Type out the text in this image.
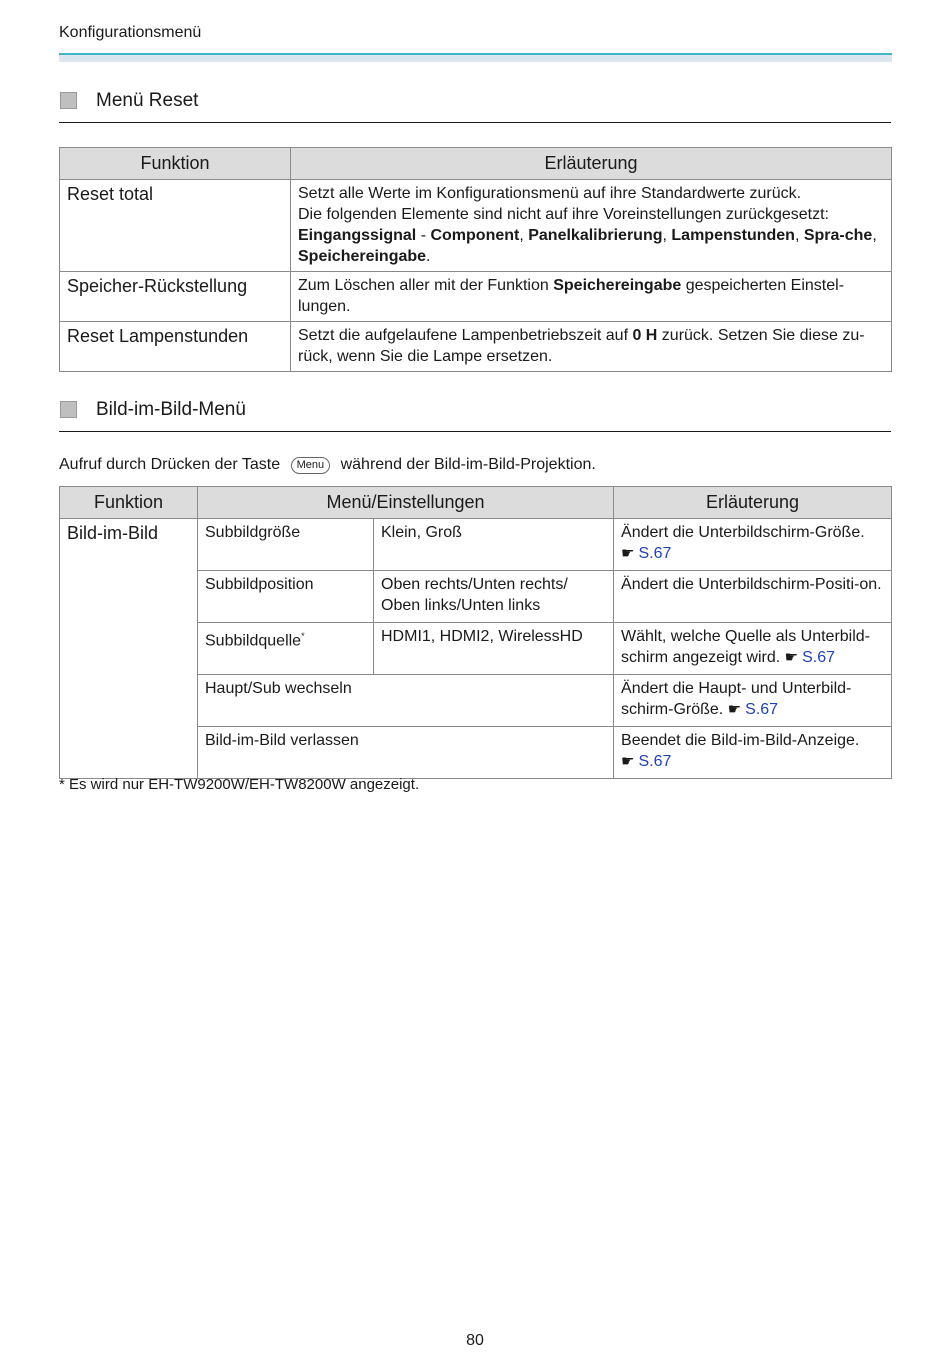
Konfigurationsmenü
Menü Reset
Funktion	Erläuterung
Reset total	Setzt alle Werte im Konfigurationsmenü auf ihre Standardwerte zurück.
Die folgenden Elemente sind nicht auf ihre Voreinstellungen zurückgesetzt:
Eingangssignal - Component, Panelkalibrierung, Lampenstunden, Spra-che, Speichereingabe.

Speicher-Rückstellung	Zum Löschen aller mit der Funktion Speichereingabe gespeicherten Einstel-lungen.
Reset Lampenstunden	Setzt die aufgelaufene Lampenbetriebszeit auf 0 H zurück. Setzen Sie diese zu-rück, wenn Sie die Lampe ersetzen.
Bild-im-Bild-Menü
Aufruf durch Drücken der Taste Menu während der Bild-im-Bild-Projektion.
Funktion	Menü/Einstellungen		Erläuterung
Bild-im-Bild	Subbildgröße	Klein, Groß	Ändert die Unterbildschirm-Größe.
☛ S.67
	Subbildposition	Oben rechts/Unten rechts/
Oben links/Unten links	Ändert die Unterbildschirm-Positi-on.
	Subbildquelle*	HDMI1, HDMI2, WirelessHD	Wählt, welche Quelle als Unterbild-schirm angezeigt wird. ☛ S.67
	Haupt/Sub wechseln		Ändert die Haupt- und Unterbild-schirm-Größe. ☛ S.67
	Bild-im-Bild verlassen		Beendet die Bild-im-Bild-Anzeige.
☛ S.67
* Es wird nur EH-TW9200W/EH-TW8200W angezeigt.
80
